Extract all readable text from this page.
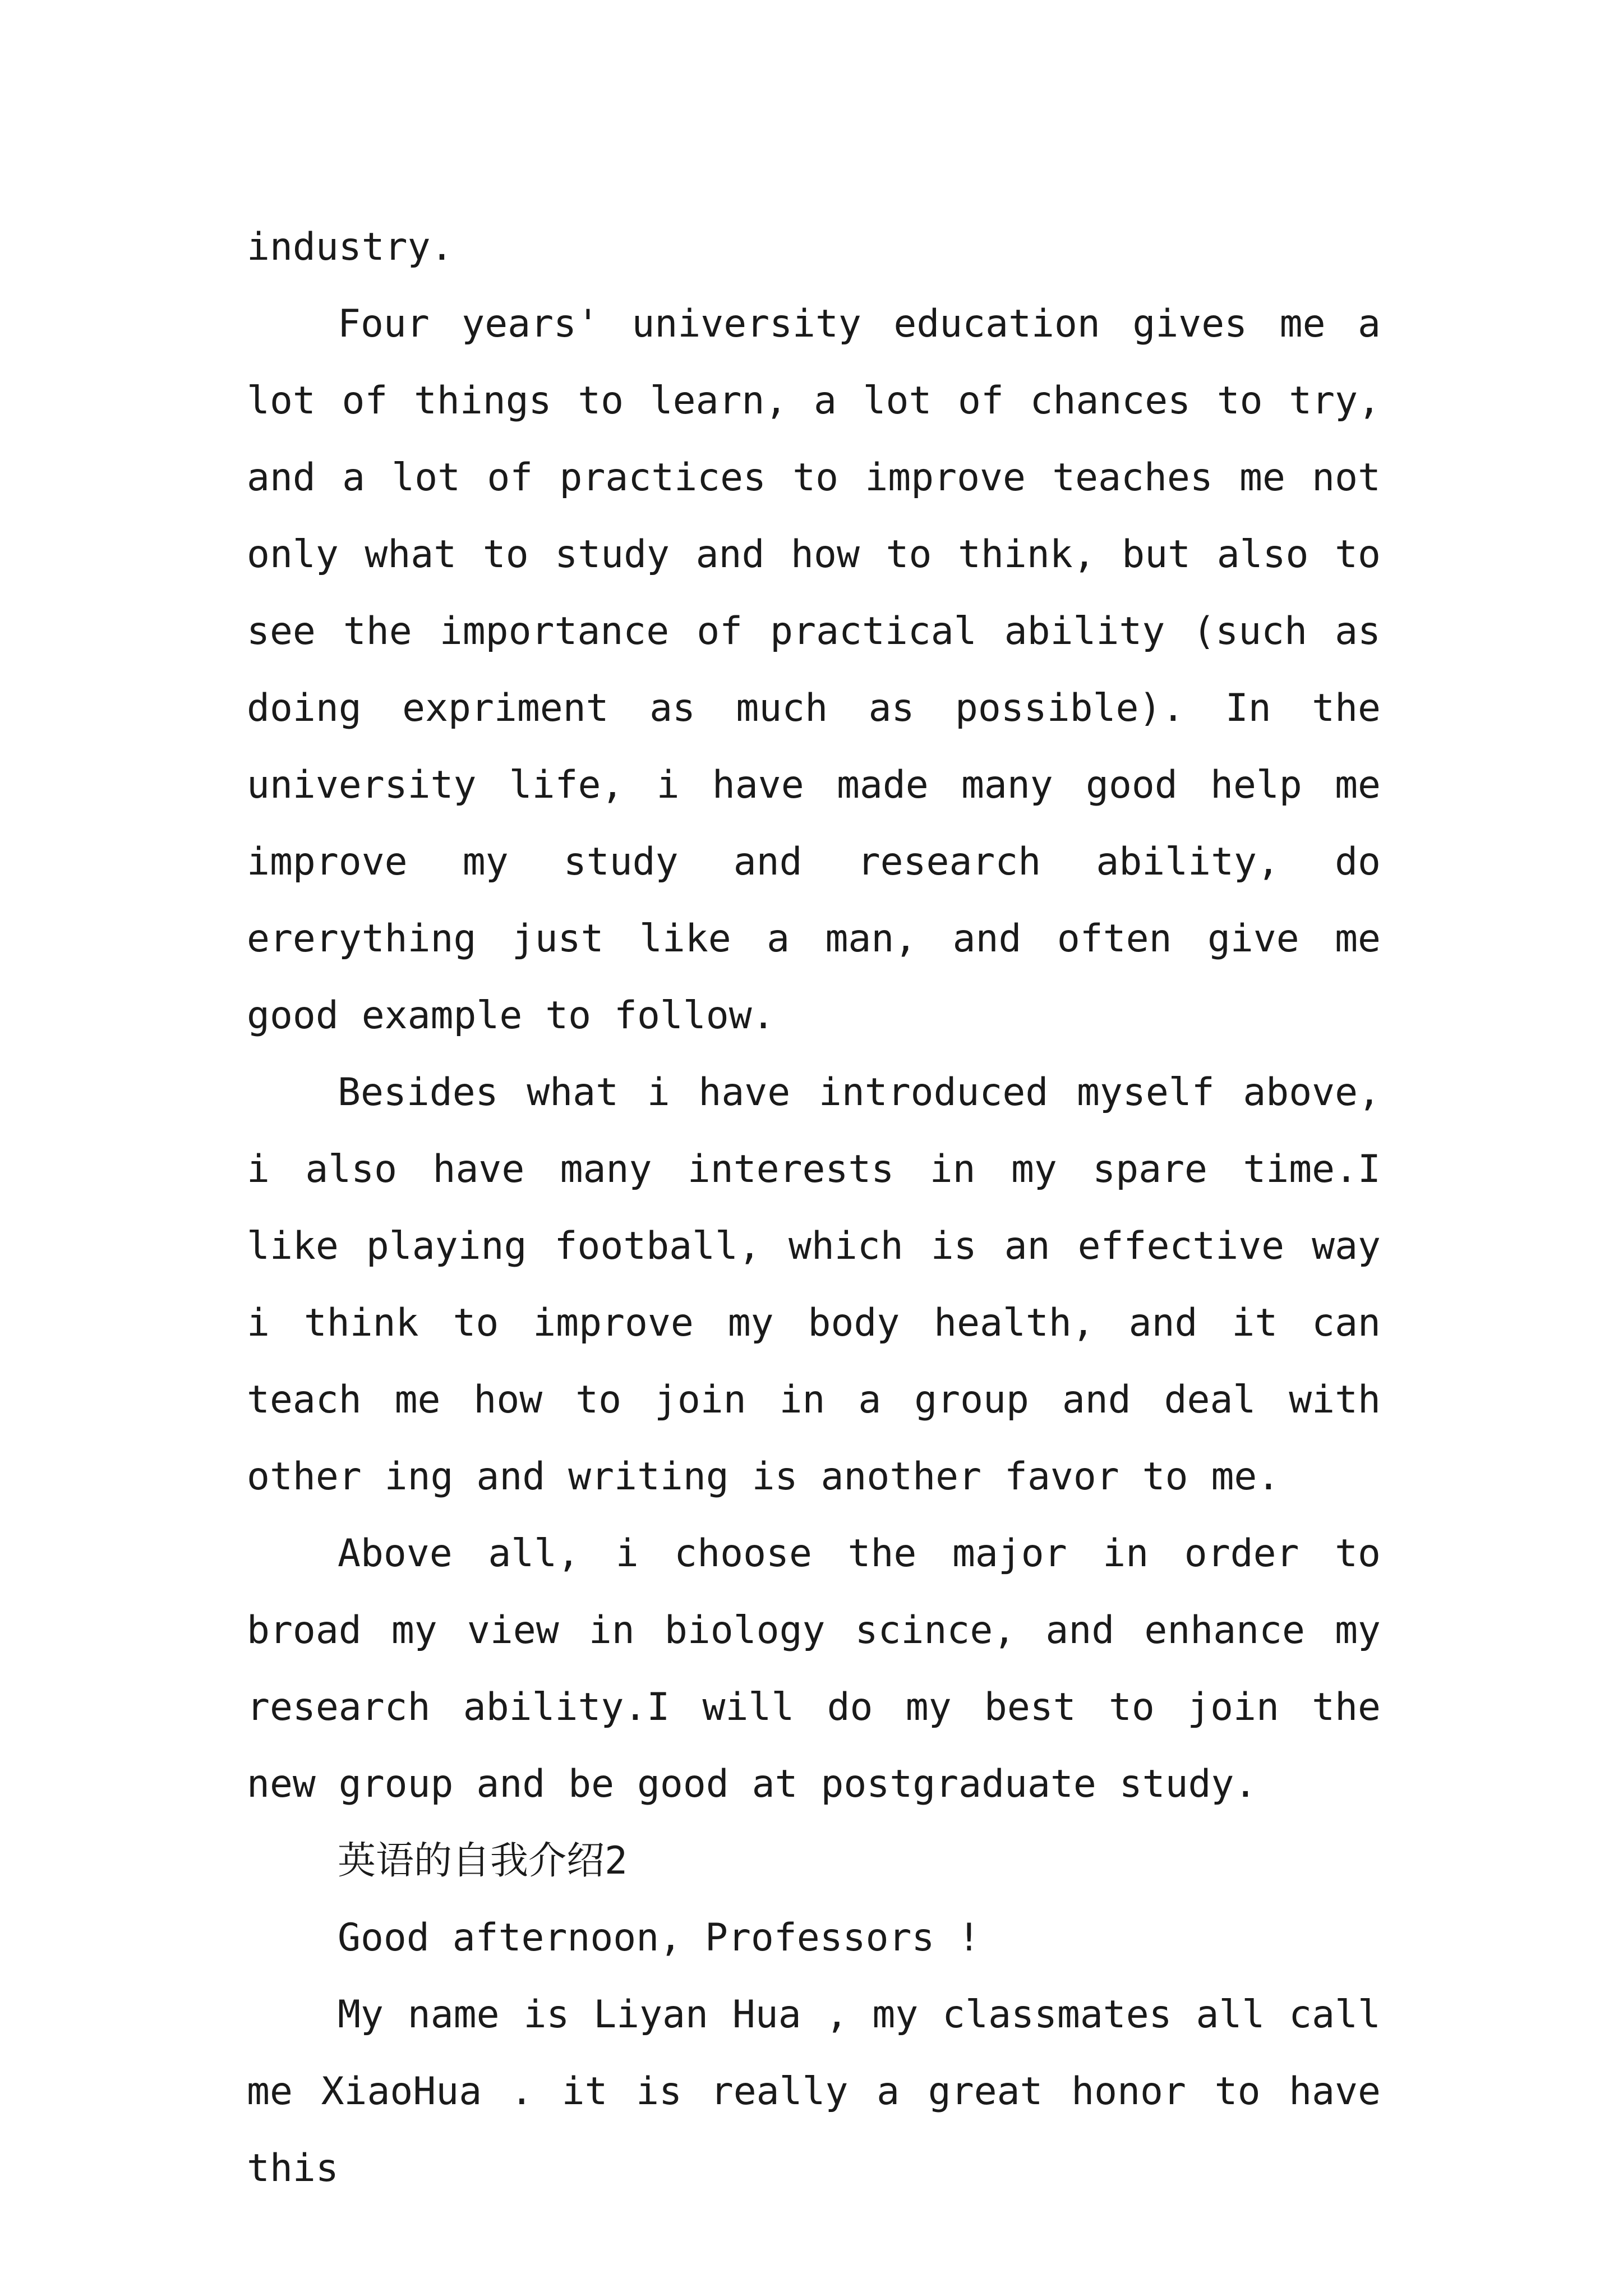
industry.

Four years' university education gives me a lot of things to learn, a lot of chances to try, and a lot of practices to improve teaches me not only what to study and how to think, but also to see the importance of practical ability (such as doing expriment as much as possible). In the university life, i have made many good help me improve my study and research ability, do ererything just like a man, and often give me good example to follow.

Besides what i have introduced myself above, i also have many interests in my spare time.I like playing football, which is an effective way i think to improve my body health, and it can teach me how to join in a group and deal with other ing and writing is another favor to me.

Above all, i choose the major in order to broad my view in biology scince, and enhance my research ability.I will do my best to join the new group and be good at postgraduate study.

英语的自我介绍2

Good afternoon, Professors !

My name is Liyan Hua , my classmates all call me XiaoHua . it is really a great honor to have this
